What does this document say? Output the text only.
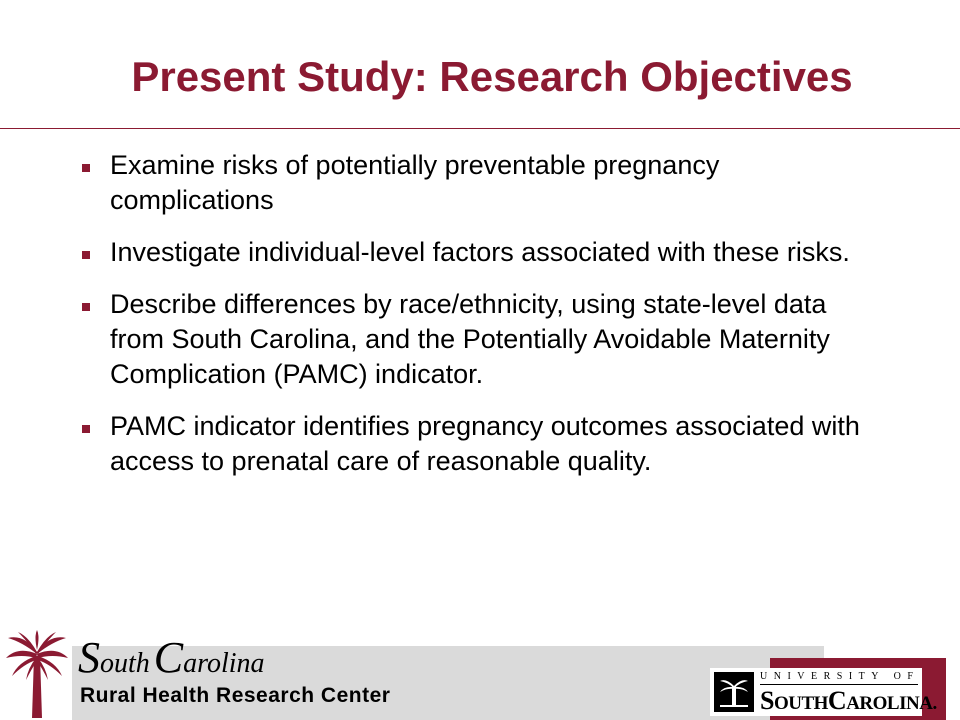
Present Study: Research Objectives
Examine risks of potentially preventable pregnancy complications
Investigate individual-level factors associated with these risks.
Describe differences by race/ethnicity, using state-level data from South Carolina, and the Potentially Avoidable Maternity Complication (PAMC) indicator.
PAMC indicator identifies pregnancy outcomes associated with access to prenatal care of reasonable quality.
South Carolina
Rural Health Research Center
UNIVERSITY OF
SOUTHCAROLINA.
